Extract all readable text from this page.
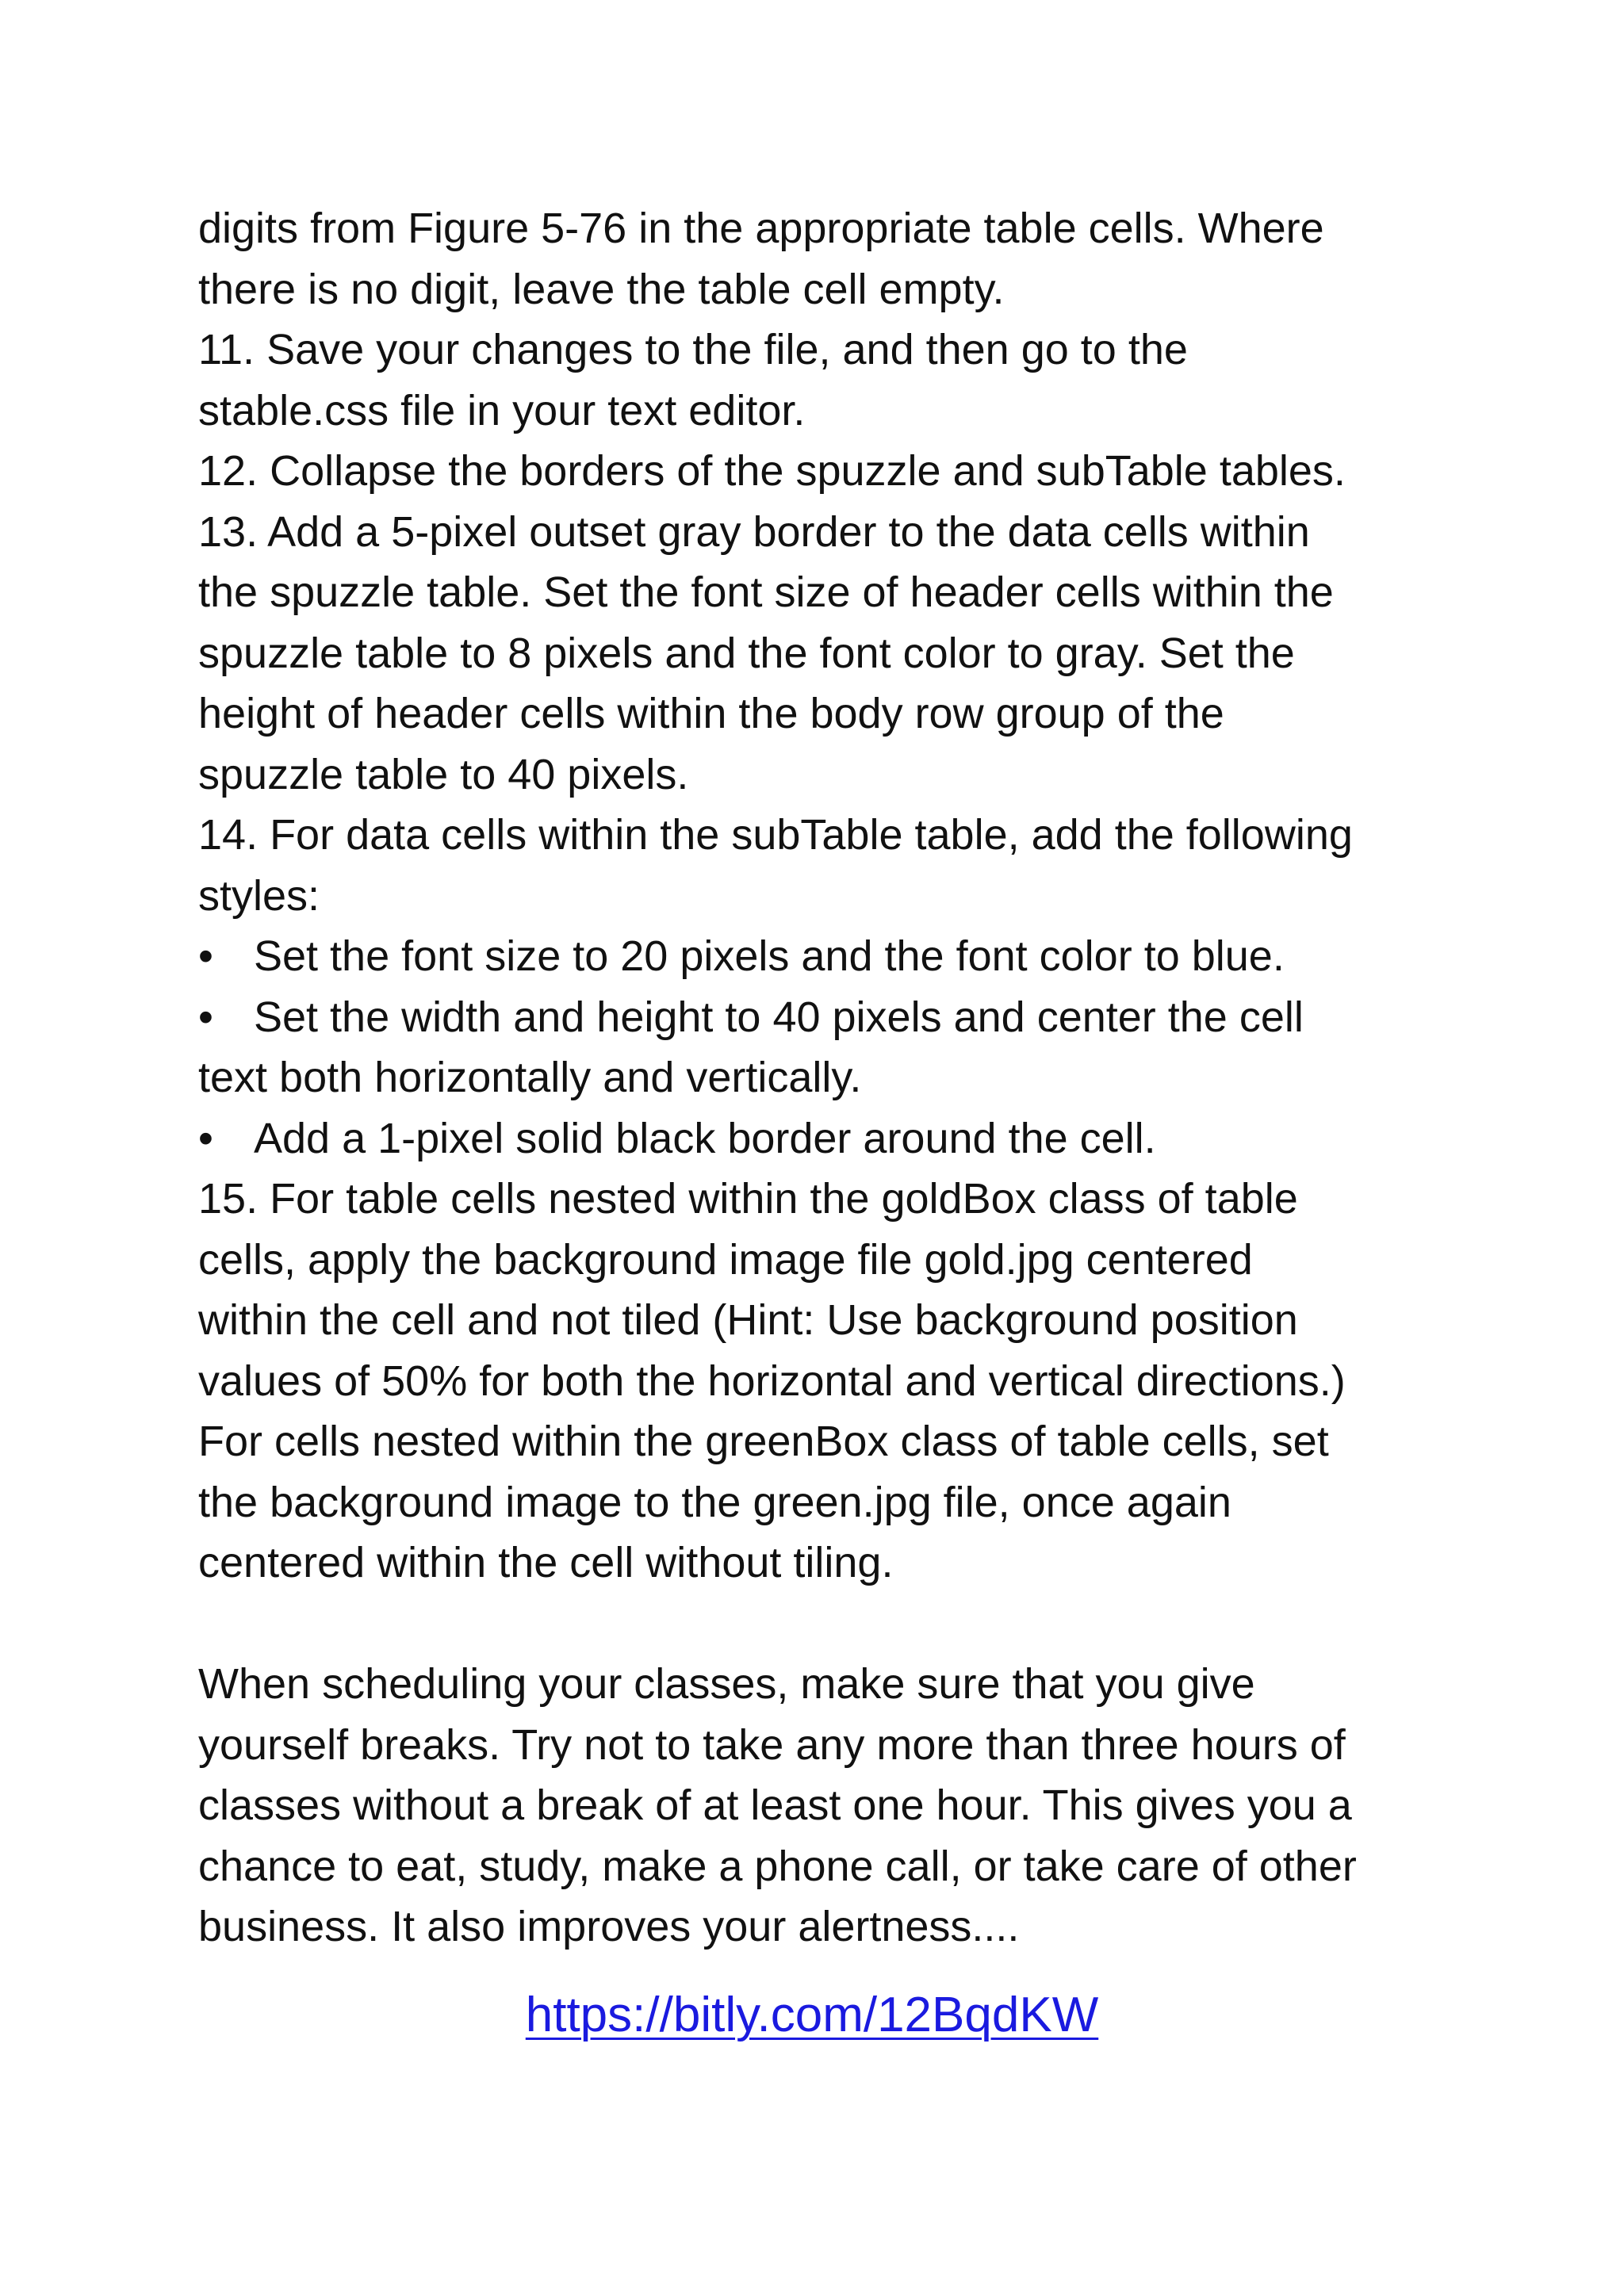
digits from Figure 5-76 in the appropriate table cells. Where
there is no digit, leave the table cell empty.
11. Save your changes to the file, and then go to the
stable.css file in your text editor.
12. Collapse the borders of the spuzzle and subTable tables.
13. Add a 5-pixel outset gray border to the data cells within
the spuzzle table. Set the font size of header cells within the
spuzzle table to 8 pixels and the font color to gray. Set the
height of header cells within the body row group of the
spuzzle table to 40 pixels.
14. For data cells within the subTable table, add the following
styles:
• Set the font size to 20 pixels and the font color to blue.
• Set the width and height to 40 pixels and center the cell
text both horizontally and vertically.
• Add a 1-pixel solid black border around the cell.
15. For table cells nested within the goldBox class of table
cells, apply the background image file gold.jpg centered
within the cell and not tiled (Hint: Use background position
values of 50% for both the horizontal and vertical directions.)
For cells nested within the greenBox class of table cells, set
the background image to the green.jpg file, once again
centered within the cell without tiling.
When scheduling your classes, make sure that you give
yourself breaks. Try not to take any more than three hours of
classes without a break of at least one hour. This gives you a
chance to eat, study, make a phone call, or take care of other
business. It also improves your alertness....
https://bitly.com/12BqdKW
